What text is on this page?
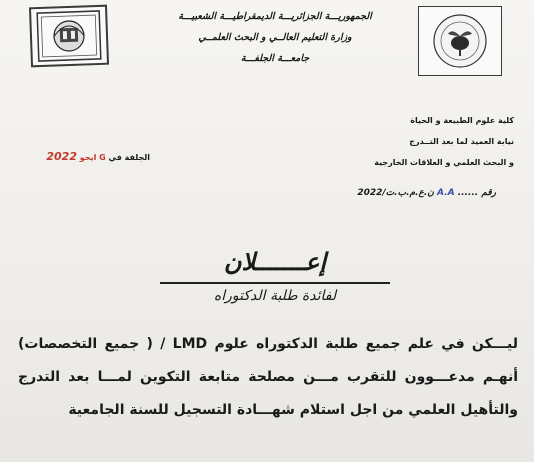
الجمهوريـــة الجزائريـــة الديمقراطيـــة الشعبيـــة
وزارة التعليم العالــي و البحث العلمــي
جامعـــة الجلفـــة
كلية علوم الطبيعة و الحياة
نيابة العميد لما بعد التــدرج
و البحث العلمي و العلاقات الخارجية
رقم ...... A.A ن.ع.م.ب.ت/2022
الجلفة في G ايحو 2022
إعـــــــلان
لفائدة طلبة الدكتوراه
ليـــكن في علم جميع طلبة الدكتوراه علوم LMD / ( جميع التخصصات) أنهـم مدعـــوون للتقرب مـــن مصلحة متابعة التكوين لمـــا بعد التدرج والتأهيل العلمي من اجل استلام شهـــادة التسجيل للسنة الجامعية
